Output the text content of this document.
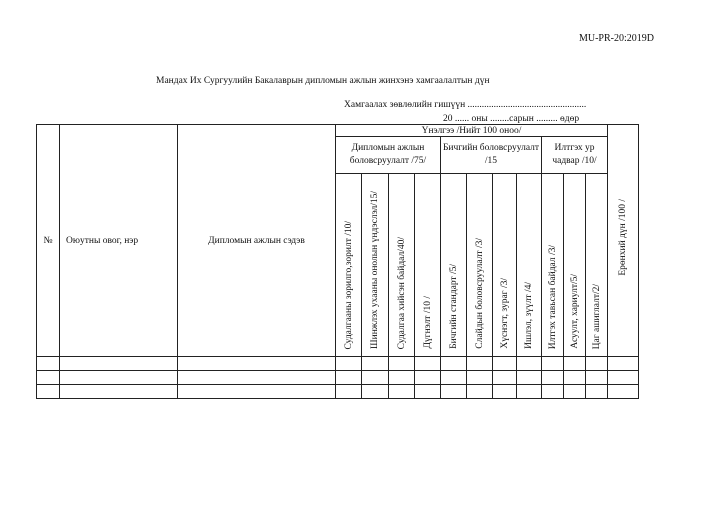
MU-PR-20:2019D
Мандах Их Сургуулийн Бакалаврын дипломын ажлын жинхэнэ хамгаалалтын дүн
Хамгаалах зөвлөлийн гишүүн ..................................................
20 ...... оны ........сарын ......... өдөр
№	Оюутны овог, нэр	Дипломын ажлын сэдэв	Үнэлгээ /Нийт 100 оноо/											Ерөнхий дүн /100 /
			Дипломын ажлын боловсруулалт /75/				Бичгийн боловсруулалт /15				Илтгэх ур чадвар /10/			
			Судалгааны зорилго,зорилт /10/	Шинжлэх ухааны онолын үндэслэл/15/	Судалгаа хийсэн байдал/40/	Дүгнэлт /10 /	Бичгийн стандарт /5/	Слайдын боловсруулалт /3/	Хүснэгт, зураг /3/	Ишлэл, зүүлт /4/	Илтгэх тавьсан байдал /3/	Асуулт, хариулт/5/	Цаг ашиглалт/2/	
